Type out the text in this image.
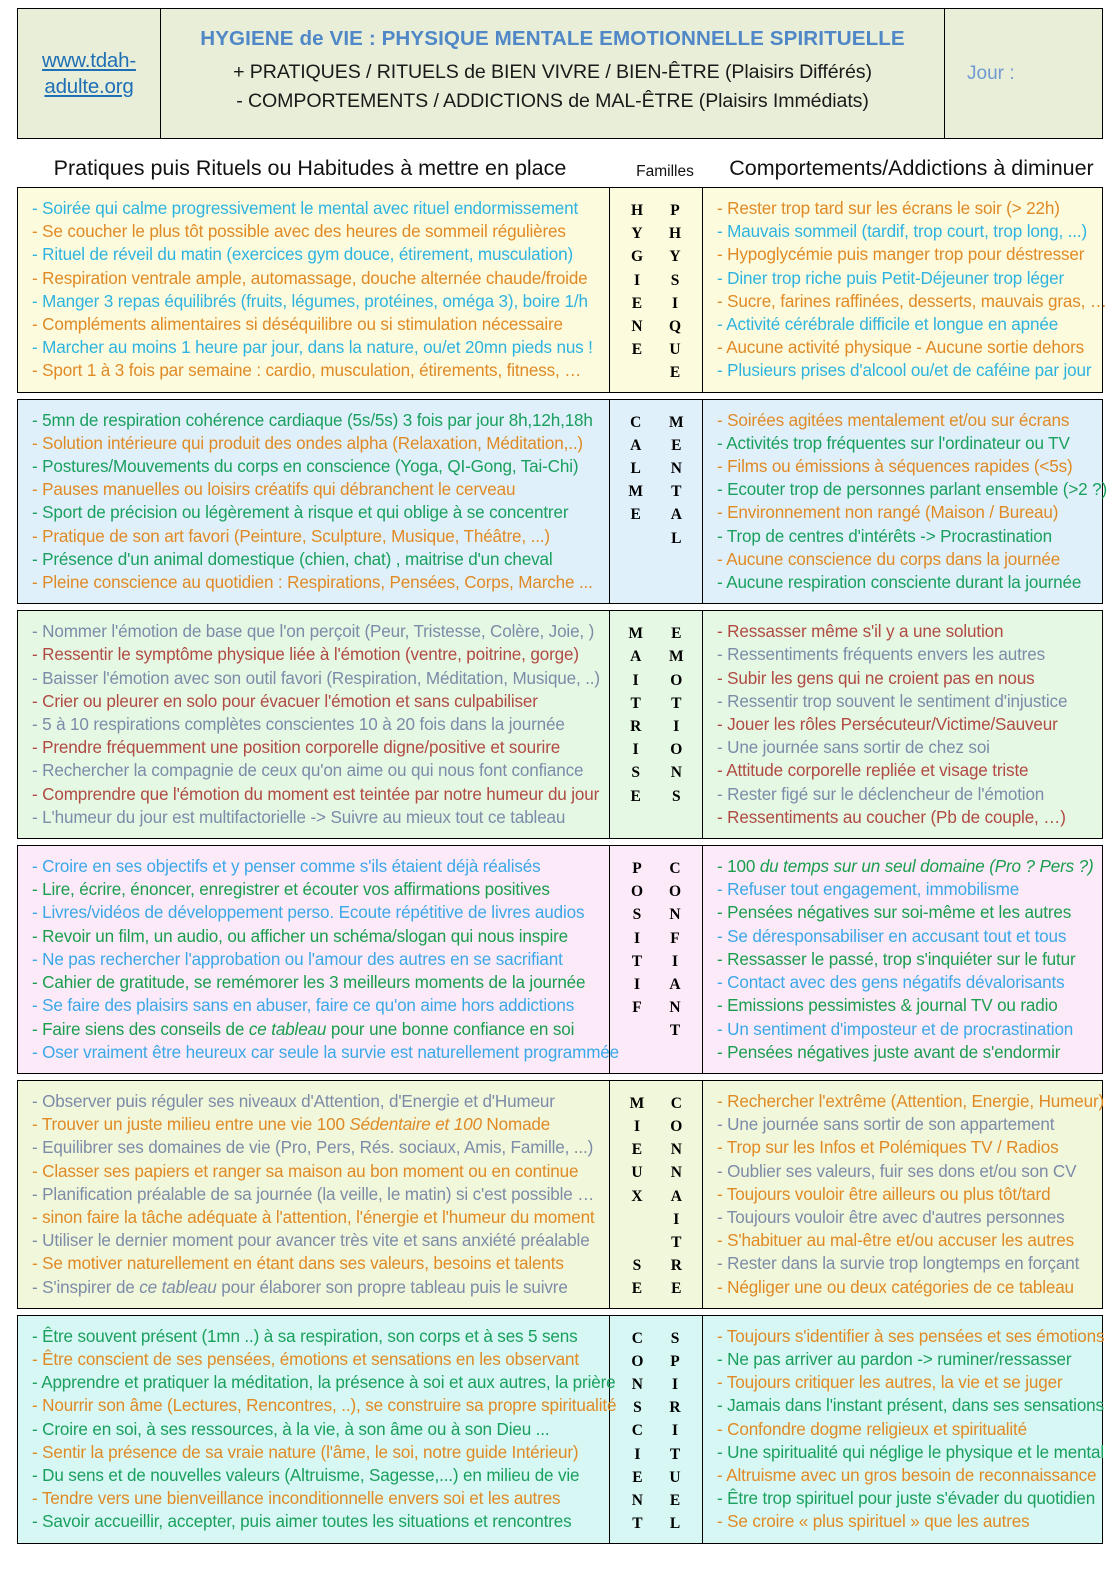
www.tdah-adulte.org
HYGIENE de VIE : PHYSIQUE MENTALE EMOTIONNELLE SPIRITUELLE
+ PRATIQUES / RITUELS de BIEN VIVRE / BIEN-ÊTRE (Plaisirs Différés)
- COMPORTEMENTS / ADDICTIONS de MAL-ÊTRE (Plaisirs Immédiats)
Jour :
Pratiques puis Rituels ou Habitudes à mettre en place	Familles	Comportements/Addictions à diminuer
- Soirée qui calme progressivement le mental avec rituel endormissement
- Se coucher le plus tôt possible avec des heures de sommeil régulières
- Rituel de réveil du matin (exercices gym douce, étirement, musculation)
- Respiration ventrale ample, automassage, douche alternée chaude/froide
- Manger 3 repas équilibrés (fruits, légumes, protéines, oméga 3), boire 1/h
- Compléments alimentaires si déséquilibre ou si stimulation nécessaire
- Marcher au moins 1 heure par jour, dans la nature, ou/et 20mn pieds nus !
- Sport 1 à 3 fois par semaine : cardio, musculation, étirements, fitness, …
H
Y
G
I
E
N
E
P
H
Y
S
I
Q
U
E
- Rester trop tard sur les écrans le soir (> 22h)
- Mauvais sommeil (tardif, trop court, trop long, ...)
- Hypoglycémie puis manger trop pour déstresser
- Diner trop riche puis Petit-Déjeuner trop léger
- Sucre, farines raffinées, desserts, mauvais gras, …
- Activité cérébrale difficile et longue en apnée
- Aucune activité physique - Aucune sortie dehors
- Plusieurs prises d'alcool ou/et de caféine par jour
- 5mn de respiration cohérence cardiaque (5s/5s) 3 fois par jour 8h,12h,18h
- Solution intérieure qui produit des ondes alpha (Relaxation, Méditation,..)
- Postures/Mouvements du corps en conscience (Yoga, QI-Gong, Tai-Chi)
- Pauses manuelles ou loisirs créatifs qui débranchent le cerveau
- Sport de précision ou légèrement à risque et qui oblige à se concentrer
- Pratique de son art favori (Peinture, Sculpture, Musique, Théâtre, ...)
- Présence d'un animal domestique (chien, chat) , maitrise d'un cheval
- Pleine conscience au quotidien : Respirations, Pensées, Corps, Marche ...
C
A
L
M
E
M
E
N
T
A
L
- Soirées agitées mentalement et/ou sur écrans
- Activités trop fréquentes sur l'ordinateur ou TV
- Films ou émissions à séquences rapides (<5s)
- Ecouter trop de personnes parlant ensemble (>2 ?)
- Environnement non rangé (Maison / Bureau)
- Trop de centres d'intérêts -> Procrastination
- Aucune conscience du corps dans la journée
- Aucune respiration consciente durant la journée
- Nommer l'émotion de base que l'on perçoit (Peur, Tristesse, Colère, Joie, )
- Ressentir le symptôme physique liée à l'émotion (ventre, poitrine, gorge)
- Baisser l'émotion avec son outil favori (Respiration, Méditation, Musique, ..)
- Crier ou pleurer en solo pour évacuer l'émotion et sans culpabiliser
- 5 à 10 respirations complètes conscientes 10 à 20 fois dans la journée
- Prendre fréquemment une position corporelle digne/positive et sourire
- Rechercher la compagnie de ceux qu'on aime ou qui nous font confiance
- Comprendre que l'émotion du moment est teintée par notre humeur du jour
- L'humeur du jour est multifactorielle -> Suivre au mieux tout ce tableau
M
A
I
T
R
I
S
E
E
M
O
T
I
O
N
S
- Ressasser même s'il y a une solution
- Ressentiments fréquents envers les autres
- Subir les gens qui ne croient pas en nous
- Ressentir trop souvent le sentiment d'injustice
- Jouer les rôles Persécuteur/Victime/Sauveur
- Une journée sans sortir de chez soi
- Attitude corporelle repliée et visage triste
- Rester figé sur le déclencheur de l'émotion
- Ressentiments au coucher (Pb de couple, …)
- Croire en ses objectifs et y penser comme s'ils étaient déjà réalisés
- Lire, écrire, énoncer, enregistrer et écouter vos affirmations positives
- Livres/vidéos de développement perso. Ecoute répétitive de livres audios
- Revoir un film, un audio, ou afficher un schéma/slogan qui nous inspire
- Ne pas rechercher l'approbation ou l'amour des autres en se sacrifiant
- Cahier de gratitude, se remémorer les 3 meilleurs moments de la journée
- Se faire des plaisirs sans en abuser, faire ce qu'on aime hors addictions
- Faire siens des conseils de ce tableau pour une bonne confiance en soi
- Oser vraiment être heureux car seule la survie est naturellement programmée
P
O
S
I
T
I
F
C
O
N
F
I
A
N
T
- 100 du temps sur un seul domaine (Pro ? Pers ?)
- Refuser tout engagement, immobilisme
- Pensées négatives sur soi-même et les autres
- Se déresponsabiliser en accusant tout et tous
- Ressasser le passé, trop s'inquiéter sur le futur
- Contact avec des gens négatifs dévalorisants
- Emissions pessimistes & journal TV ou radio
- Un sentiment d'imposteur et de procrastination
- Pensées négatives juste avant de s'endormir
- Observer puis réguler ses niveaux d'Attention, d'Energie et d'Humeur
- Trouver un juste milieu entre une vie 100 Sédentaire et 100 Nomade
- Equilibrer ses domaines de vie (Pro, Pers, Rés. sociaux, Amis, Famille, ...)
- Classer ses papiers et ranger sa maison au bon moment ou en continue
- Planification préalable de sa journée (la veille, le matin) si c'est possible …
- sinon faire la tâche adéquate à l'attention, l'énergie et l'humeur du moment
- Utiliser le dernier moment pour avancer très vite et sans anxiété préalable
- Se motiver naturellement en étant dans ses valeurs, besoins et talents
- S'inspirer de ce tableau pour élaborer son propre tableau puis le suivre
M
I
E
U
X

S
E
C
O
N
N
A
I
T
R
E
- Rechercher l'extrême (Attention, Energie, Humeur)
- Une journée sans sortir de son appartement
- Trop sur les Infos et Polémiques TV / Radios
- Oublier ses valeurs, fuir ses dons et/ou son CV
- Toujours vouloir être ailleurs ou plus tôt/tard
- Toujours vouloir être avec d'autres personnes
- S'habituer au mal-être et/ou accuser les autres
- Rester dans la survie trop longtemps en forçant
- Négliger une ou deux catégories de ce tableau
- Être souvent présent (1mn ..) à sa respiration, son corps et à ses 5 sens
- Être conscient de ses pensées, émotions et sensations en les observant
- Apprendre et pratiquer la méditation, la présence à soi et aux autres, la prière
- Nourrir son âme (Lectures, Rencontres, ..), se construire sa propre spiritualité
- Croire en soi, à ses ressources, à la vie, à son âme ou à son Dieu ...
- Sentir la présence de sa vraie nature (l'âme, le soi, notre guide Intérieur)
- Du sens et de nouvelles valeurs (Altruisme, Sagesse,...) en milieu de vie
- Tendre vers une bienveillance inconditionnelle envers soi et les autres
- Savoir accueillir, accepter, puis aimer toutes les situations et rencontres
C
O
N
S
C
I
E
N
T
S
P
I
R
I
T
U
E
L
- Toujours s'identifier à ses pensées et ses émotions
- Ne pas arriver au pardon -> ruminer/ressasser
- Toujours critiquer les autres, la vie et se juger
- Jamais dans l'instant présent, dans ses sensations
- Confondre dogme religieux et spiritualité
- Une spiritualité qui néglige le physique et le mental
- Altruisme avec un gros besoin de reconnaissance
- Être trop spirituel pour juste s'évader du quotidien
- Se croire « plus spirituel » que les autres
